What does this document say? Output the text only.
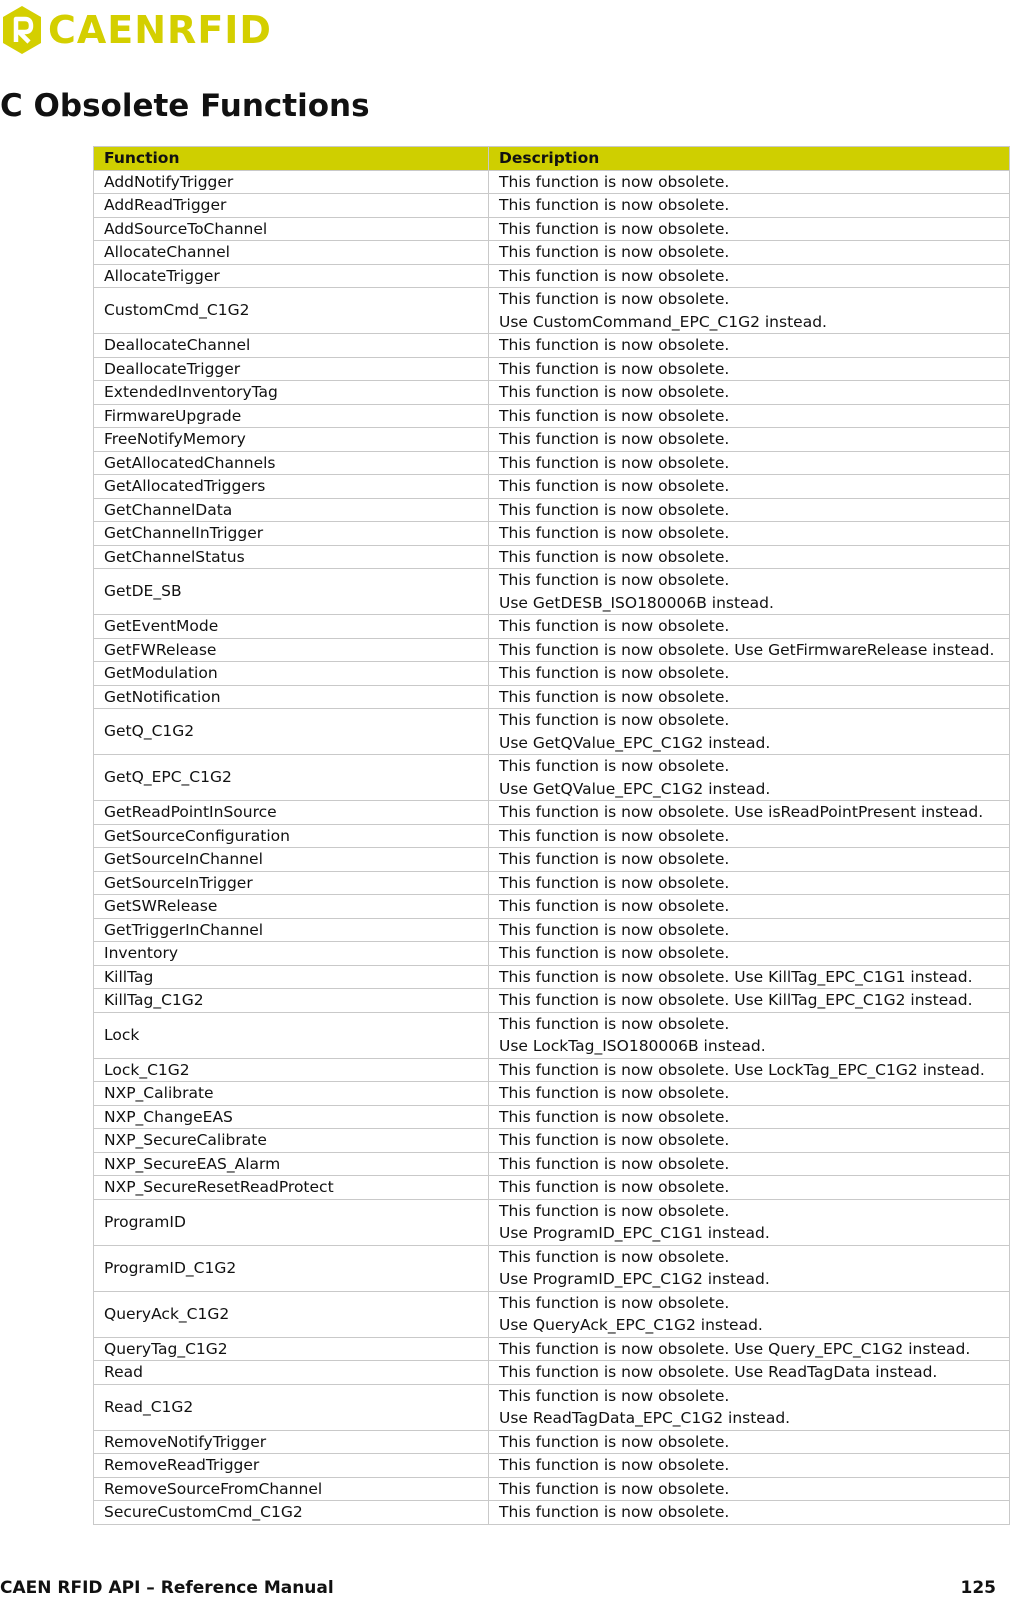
CAENRFID
C Obsolete Functions
Function	Description
AddNotifyTrigger	This function is now obsolete.

AddReadTrigger	This function is now obsolete.

AddSourceToChannel	This function is now obsolete.

AllocateChannel	This function is now obsolete.

AllocateTrigger	This function is now obsolete.

CustomCmd_C1G2	This function is now obsolete.
Use CustomCommand_EPC_C1G2 instead.

DeallocateChannel	This function is now obsolete.

DeallocateTrigger	This function is now obsolete.

ExtendedInventoryTag	This function is now obsolete.

FirmwareUpgrade	This function is now obsolete.

FreeNotifyMemory	This function is now obsolete.

GetAllocatedChannels	This function is now obsolete.

GetAllocatedTriggers	This function is now obsolete.

GetChannelData	This function is now obsolete.

GetChannelInTrigger	This function is now obsolete.

GetChannelStatus	This function is now obsolete.

GetDE_SB	This function is now obsolete.
Use GetDESB_ISO180006B instead.

GetEventMode	This function is now obsolete.

GetFWRelease	This function is now obsolete. Use GetFirmwareRelease instead.

GetModulation	This function is now obsolete.

GetNotification	This function is now obsolete.

GetQ_C1G2	This function is now obsolete.
Use GetQValue_EPC_C1G2 instead.

GetQ_EPC_C1G2	This function is now obsolete.
Use GetQValue_EPC_C1G2 instead.

GetReadPointInSource	This function is now obsolete. Use isReadPointPresent instead.

GetSourceConfiguration	This function is now obsolete.

GetSourceInChannel	This function is now obsolete.

GetSourceInTrigger	This function is now obsolete.

GetSWRelease	This function is now obsolete.

GetTriggerInChannel	This function is now obsolete.

Inventory	This function is now obsolete.

KillTag	This function is now obsolete. Use KillTag_EPC_C1G1 instead.

KillTag_C1G2	This function is now obsolete. Use KillTag_EPC_C1G2 instead.

Lock	This function is now obsolete.
Use LockTag_ISO180006B instead.

Lock_C1G2	This function is now obsolete. Use LockTag_EPC_C1G2 instead.

NXP_Calibrate	This function is now obsolete.

NXP_ChangeEAS	This function is now obsolete.

NXP_SecureCalibrate	This function is now obsolete.

NXP_SecureEAS_Alarm	This function is now obsolete.

NXP_SecureResetReadProtect	This function is now obsolete.

ProgramID	This function is now obsolete.
Use ProgramID_EPC_C1G1 instead.

ProgramID_C1G2	This function is now obsolete.
Use ProgramID_EPC_C1G2 instead.

QueryAck_C1G2	This function is now obsolete.
Use QueryAck_EPC_C1G2 instead.

QueryTag_C1G2	This function is now obsolete. Use Query_EPC_C1G2 instead.

Read	This function is now obsolete. Use ReadTagData instead.

Read_C1G2	This function is now obsolete.
Use ReadTagData_EPC_C1G2 instead.

RemoveNotifyTrigger	This function is now obsolete.

RemoveReadTrigger	This function is now obsolete.

RemoveSourceFromChannel	This function is now obsolete.

SecureCustomCmd_C1G2	This function is now obsolete.
CAEN RFID API – Reference Manual	125
